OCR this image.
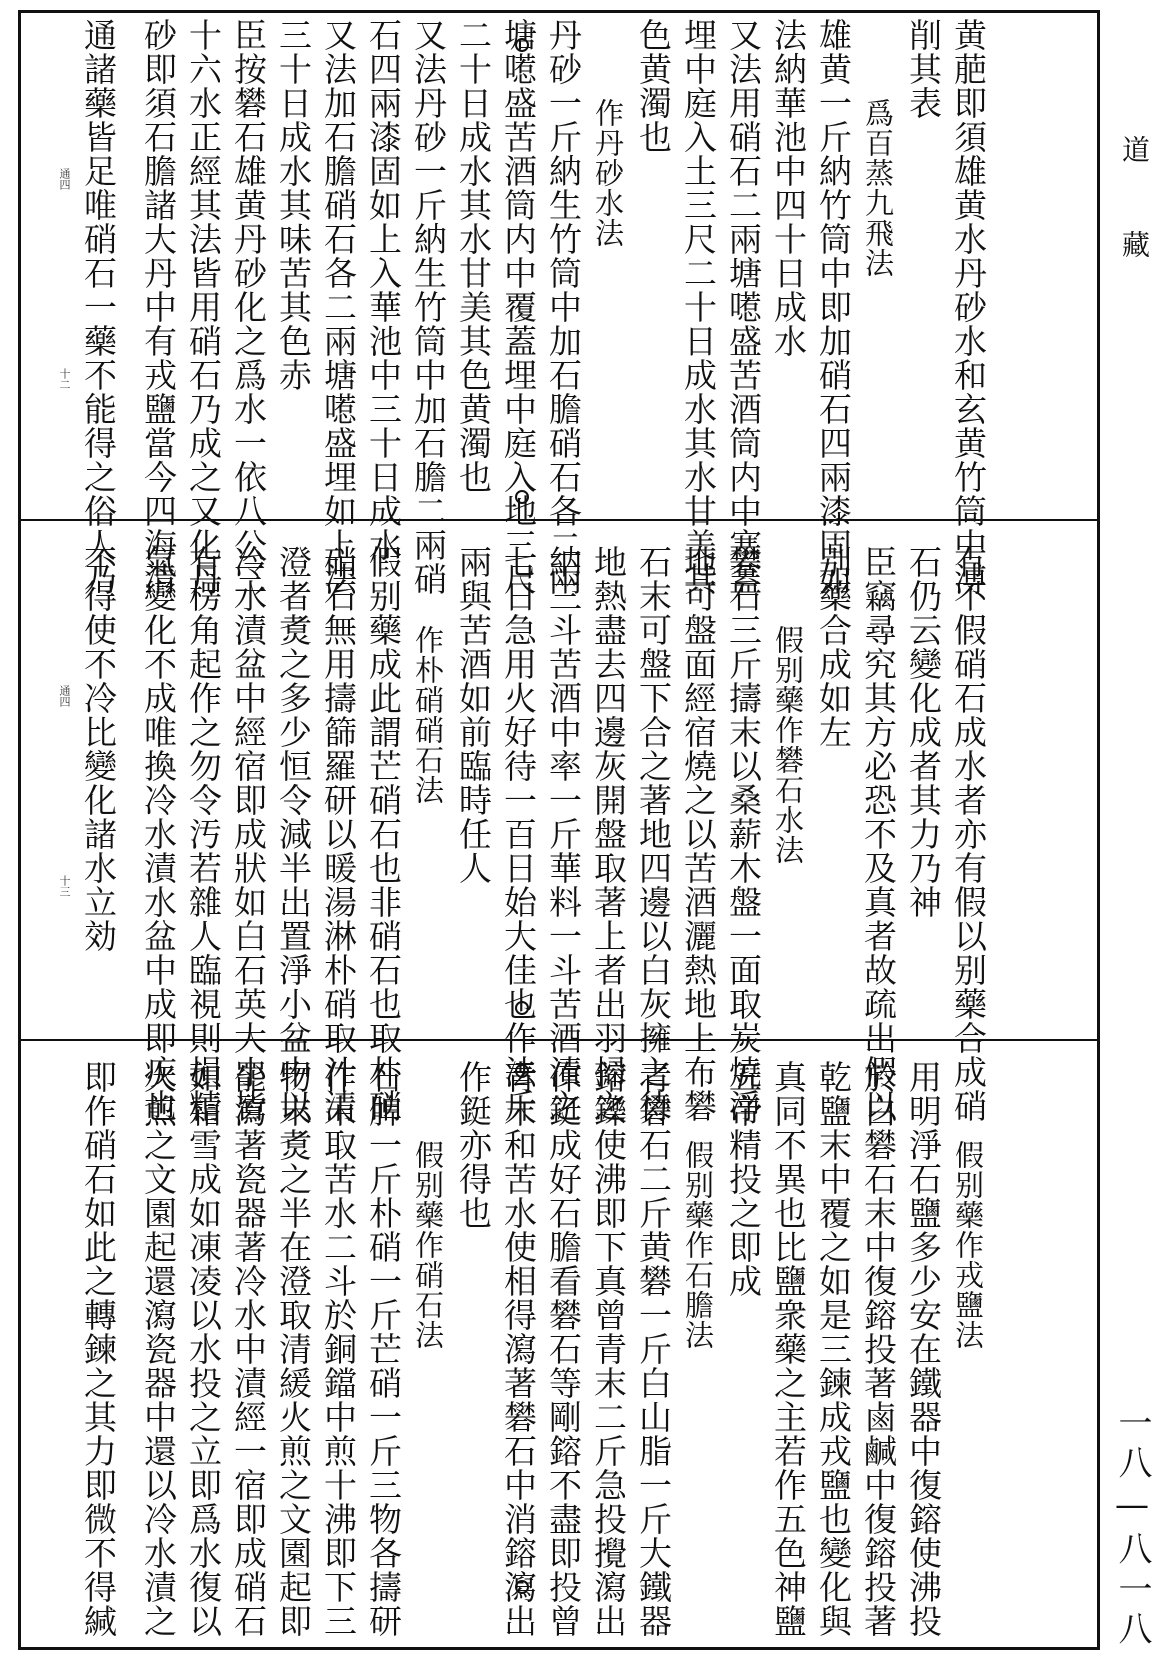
黄萉即須雄黄水丹砂水和玄黄竹筒中溥
削其表
爲百蒸九飛法
雄黄一斤納竹筒中即加硝石四兩漆固如
法納華池中四十日成水
又法用硝石二兩塘㘃盛苦酒筒内中塞蓋
埋中庭入土三尺二十日成水其水甘美其
色黄濁也
作丹砂水法
丹砂一斤納生竹筒中加石膽硝石各二兩
塘㘃盛苦酒筒内中覆蓋埋中庭入地三尺
二十日成水其水甘美其色黄濁也
又法丹砂一斤納生竹筒中加石膽二兩硝
石四兩漆固如上入華池中三十日成水
又法加石膽硝石各二兩塘㘃盛埋如上法
三十日成水其味苦其色赤
臣按礬石雄黄丹砂化之爲水一依八公三
十六水正經其法皆用硝石乃成之又化丹
砂即須石膽諸大丹中有戎鹽當今四海清
通諸藥皆足唯硝石一藥不能得之俗人乃
通四
十二
有不假硝石成水者亦有假以别藥合成硝
石仍云變化成者其力乃神
臣竊尋究其方必恐不及真者故疏出假以
别藥合成如左
假别藥作礬石水法
礬石三斤擣末以桑薪木盤一面取炭燒淨
地可盤面經宿燒之以苦酒灑熱地上布礬
石末可盤下合之著地四邊以白灰擁之待
地熱盡去四邊灰開盤取著上者出羽掃之
納三斗苦酒中率一斤華料一斗苦酒漬之
七日急用火好待一百日始大佳也作法斤
兩與苦酒如前臨時任人
作朴硝硝石法
假别藥成此謂芒硝石也非硝石也取朴硝
硝石無用擣篩羅研以暖湯淋朴硝取汁清
澄者煑之多少恒令減半出置淨小盆中以
冷水漬盆中經宿即成狀如白石英大小皆
有楞角起作之勿令汚若雜人臨視則損精
氣變化不成唯換冷水漬水盆中成即疾也
不得使不冷比變化諸水立効
通四
十三
假别藥作戎鹽法
用明淨石鹽多少安在鐵器中復鎔使沸投
於白礬石末中復鎔投著鹵鹹中復鎔投著
乾鹽末中覆之如是三鍊成戎鹽也變化與
真同不異也比鹽衆藥之主若作五色神鹽
五帝精投之即成
假别藥作石膽法
青礬石二斤黄礬一斤白山脂一斤大鐵器
鎔鑠使沸即下真曾青末二斤急投攪瀉出
作鋌成好石膽看礬石等剛鎔不盡即投曾
青末和苦水使相得瀉著礬石中消鎔瀉出
作鋌亦得也
假别藥作硝石法
石脾一斤朴硝一斤芒硝一斤三物各擣研
作末取苦水二斗於銅鐺中煎十沸即下三
物末煑之半在澄取清緩火煎之文園起即
罷瀉著瓷器著冷水中漬經一宿即成硝石
如霜雪成如凍凌以水投之立即爲水復以
火煎之文園起還瀉瓷器中還以冷水漬之
即作硝石如此之轉鍊之其力即微不得緘
道
藏
一八—八一八
